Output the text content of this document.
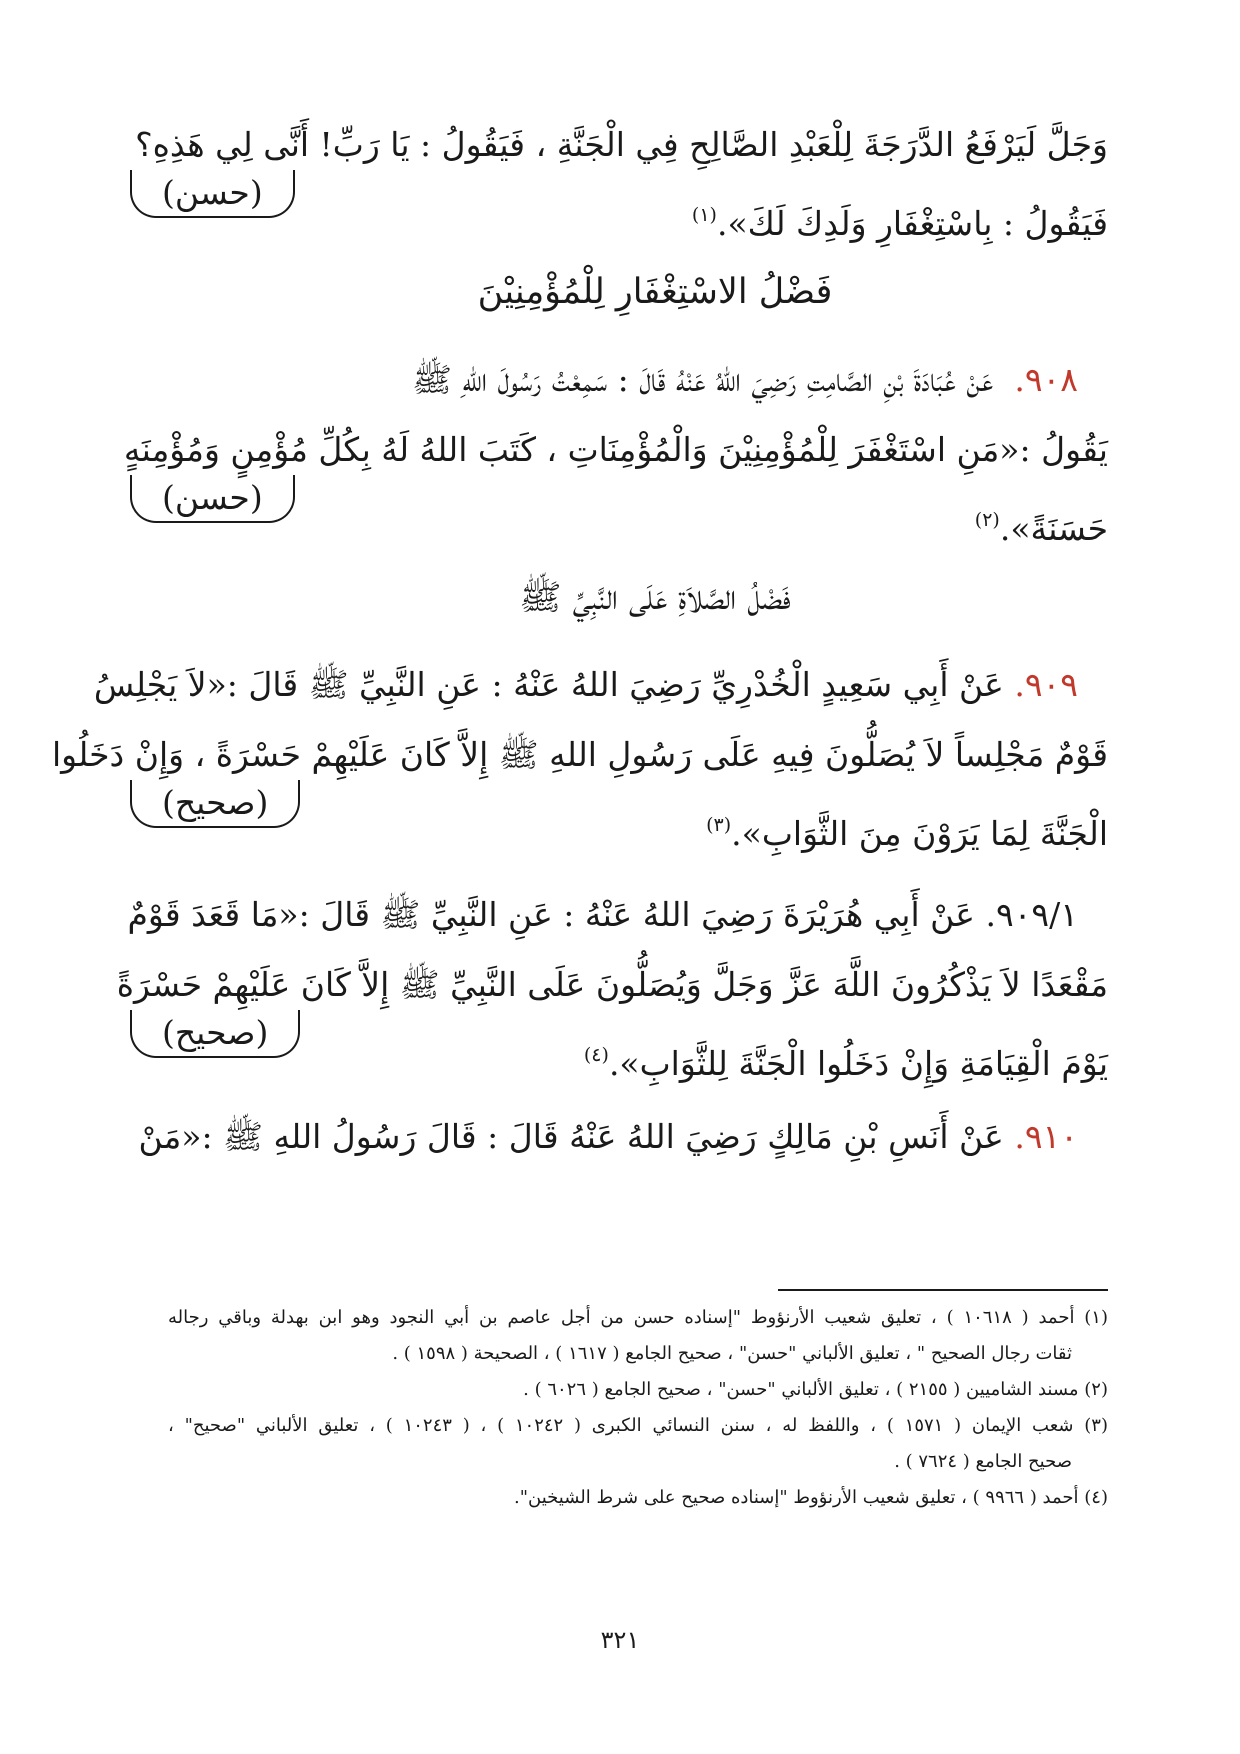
وَجَلَّ لَيَرْفَعُ الدَّرَجَةَ لِلْعَبْدِ الصَّالِحِ فِي الْجَنَّةِ ، فَيَقُولُ : يَا رَبِّ! أَنَّى لِي هَذِهِ؟
فَيَقُولُ : بِاسْتِغْفَارِ وَلَدِكَ لَكَ».$^{(١)}$
(حسن)
فَضْلُ الاسْتِغْفَارِ لِلْمُؤْمِنِيْنَ
٩٠٨.  عَنْ عُبَادَةَ بْنِ الصَّامِتِ رَضِيَ اللهُ عَنْهُ قَالَ : سَمِعْتُ رَسُولَ اللهِ ﷺ
يَقُولُ :«مَنِ اسْتَغْفَرَ لِلْمُؤْمِنِيْنَ وَالْمُؤْمِنَاتِ ، كَتَبَ اللهُ لَهُ بِكُلِّ مُؤْمِنٍ وَمُؤْمِنَهٍ
حَسَنَةً».$^{(٢)}$
(حسن)
فَضْلُ الصَّلاَةِ عَلَى النَّبِيِّ ﷺ
٩٠٩. عَنْ أَبِي سَعِيدٍ الْخُدْرِيِّ رَضِيَ اللهُ عَنْهُ : عَنِ النَّبِيِّ ﷺ قَالَ :«لاَ يَجْلِسُ
قَوْمٌ مَجْلِساً لاَ يُصَلُّونَ فِيهِ عَلَى رَسُولِ اللهِ ﷺ إِلاَّ كَانَ عَلَيْهِمْ حَسْرَةً ، وَإِنْ دَخَلُوا
الْجَنَّةَ لِمَا يَرَوْنَ مِنَ الثَّوَابِ».$^{(٣)}$
(صحيح)
٩٠٩/١. عَنْ أَبِي هُرَيْرَةَ رَضِيَ اللهُ عَنْهُ : عَنِ النَّبِيِّ ﷺ قَالَ :«مَا قَعَدَ قَوْمٌ
مَقْعَدًا لاَ يَذْكُرُونَ اللَّهَ عَزَّ وَجَلَّ وَيُصَلُّونَ عَلَى النَّبِيِّ ﷺ إِلاَّ كَانَ عَلَيْهِمْ حَسْرَةً
يَوْمَ الْقِيَامَةِ وَإِنْ دَخَلُوا الْجَنَّةَ لِلثَّوَابِ».$^{(٤)}$
(صحيح)
٩١٠. عَنْ أَنَسِ بْنِ مَالِكٍ رَضِيَ اللهُ عَنْهُ قَالَ : قَالَ رَسُولُ اللهِ ﷺ :«مَنْ
(١) أحمد ( ١٠٦١٨ ) ، تعليق شعيب الأرنؤوط "إسناده حسن من أجل عاصم بن أبي النجود وهو ابن بهدلة وباقي رجاله
ثقات رجال الصحيح " ، تعليق الألباني "حسن" ، صحيح الجامع ( ١٦١٧ ) ، الصحيحة ( ١٥٩٨ ) .
(٢) مسند الشاميين ( ٢١٥٥ ) ، تعليق الألباني "حسن" ، صحيح الجامع ( ٦٠٢٦ ) .
(٣) شعب الإيمان ( ١٥٧١ ) ، واللفظ له ، سنن النسائي الكبرى ( ١٠٢٤٢ ) ، ( ١٠٢٤٣ ) ، تعليق الألباني "صحيح" ،
صحيح الجامع ( ٧٦٢٤ ) .
(٤) أحمد ( ٩٩٦٦ ) ، تعليق شعيب الأرنؤوط "إسناده صحيح على شرط الشيخين".
٣٢١
